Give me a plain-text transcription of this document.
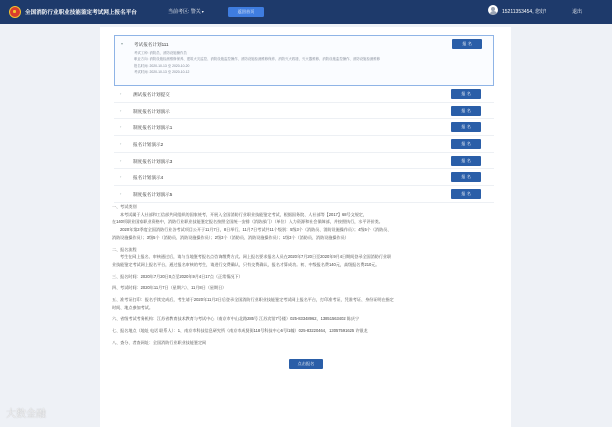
全国消防行业职业技能鉴定考试网上报名平台	当前考区: 警关▾	返回首页	15211353454, 您好!	退出
▾ 考试报名计划111	报 名
考试工种: 消防员、消防设施操作员
职业方向: 消防设施检测维修保养、建筑火灾监控、消防设施监控操作、消防设施检测维修保养、消防灭火救援、灭火器维修、消防设施监控操作、消防设施检测维修
报名时间: 2020-10-13 至 2020-10-20
考试时间: 2020-10-13 至 2020-10-12
›	测试报名计划提交	报 名
›	制度报名计划演示	报 名
›	制度报名计划演示1	报 名
›	报名计划演示2	报 名
›	制度报名计划演示3	报 名
›	报名计划演示4	报 名
›	制度报名计划演示5	报 名

一、考试类别

本考试属于人社部和工信部共同组织的国家统考，开展入全国消防行业职业技能鉴定考试，根据国务院、人社部等【2017】68号文规定，

在140项职业国家职业资格中，消防行业职业技能鉴定报名按照全国统一安排（消防部门）（单位）入力资源和社会保障部，并按照执行，水平评价类。

2020年第2季度全国消防行业各考试项目公开于11月7日，8日举行，11月7日考试共11个级别：5级3个（消防员、消防设施操作员）；4级5个（消防员、

消防设施操作员）；3级5个（消防员、消防设施操作员）；2级3个（消防员、消防设施操作员）；1级3个（消防员、消防设施操作员）

二、报名流程

考生在网上报名、审核通过后，请与当地鉴考报名点咨询缴费方式。网上报名要求报名人员在2020年7月20日至2020年9月4日期间登录全国消防行业职

业技能鉴定考试网上报名平台，通过报名审核的考生，请进行交费确认，只有交费确认，报名才算成功。初、中级报名费140元，高级报名费210元。

三、报名时间：2020年7月20日0点至2020年9月4日17点（正常情况下）

四、考试时间：2020年11月7日（星期六）、11月8日（星期日）

五、准考证打印：报名手续完成后，考生请于2020年11月2日后登录全国消防行业职业技能鉴定考试网上报名平台，打印准考证，凭准考证、身份证明在指定

时间、地点参加考试。

六、省级考试考务机构：江苏省教育技术教育与考试中心（南京市中山北路285号 江苏宾馆7号楼）025-83348962，13851563402 陈庆宁

七、报名地点（地址 电话 联系人）：1、南京市科技信息研究所（南京市成贤街118号科技中心6号/1幢）025-83220464，13057591625 许银龙

八、查分、者查网址：全国消防行业职业技能鉴定网

点击报名
大数金融
